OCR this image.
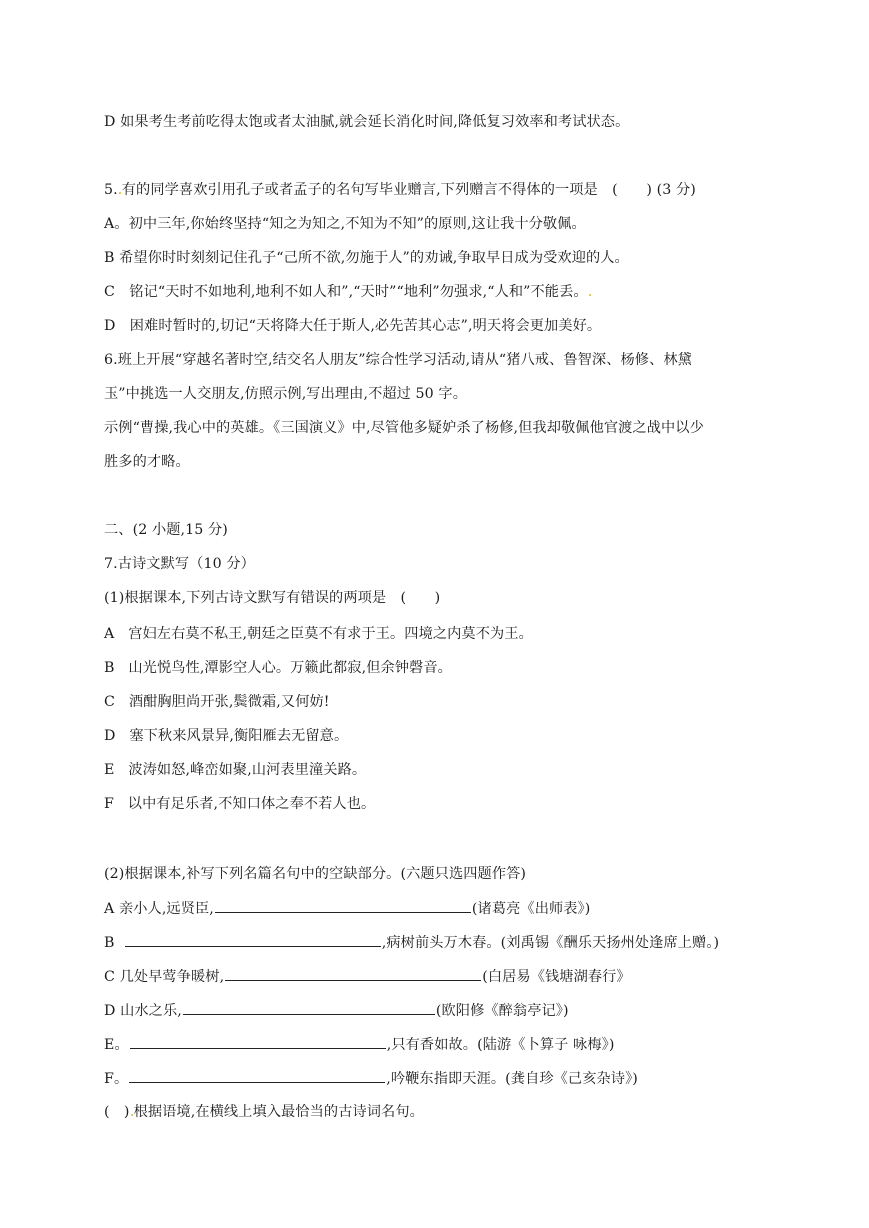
D 如果考生考前吃得太饱或者太油腻,就会延长消化时间,降低复习效率和考试状态。
5. 有的同学喜欢引用孔子或者孟子的名句写毕业赠言,下列赠言不得体的一项是　(　　) (3 分)
A。初中三年,你始终坚持“知之为知之,不知为不知”的原则,这让我十分敬佩。
B 希望你时时刻刻记住孔子“己所不欲,勿施于人”的劝诫,争取早日成为受欢迎的人。
C　铭记“天时不如地利,地利不如人和”,“天时”“地利”勿强求,“人和”不能丢。
D　困难时暂时的,切记“天将降大任于斯人,必先苦其心志”,明天将会更加美好。
6.班上开展“穿越名著时空,结交名人朋友”综合性学习活动,请从“猪八戒、鲁智深、杨修、林黛
玉”中挑选一人交朋友,仿照示例,写出理由,不超过 50 字。
示例“曹操,我心中的英雄。《三国演义》中,尽管他多疑妒杀了杨修,但我却敬佩他官渡之战中以少
胜多的才略。
二、(2 小题,15 分)
7.古诗文默写（10 分）
(1)根据课本,下列古诗文默写有错误的两项是　(　　)
A 宫妇左右莫不私王,朝廷之臣莫不有求于王。四境之内莫不为王。
B 山光悦鸟性,潭影空人心。万籁此都寂,但余钟磬音。
C 酒酣胸胆尚开张,鬓微霜,又何妨!
D 塞下秋来风景异,衡阳雁去无留意。
E 波涛如怒,峰峦如聚,山河表里潼关路。
F 以中有足乐者,不知口体之奉不若人也。
(2)根据课本,补写下列名篇名句中的空缺部分。(六题只选四题作答)
A 亲小人,远贤臣,	(诸葛亮《出师表》)
B	,病树前头万木春。(刘禹锡《酬乐天扬州处逢席上赠。)
C 几处早莺争暖树,	(白居易《钱塘湖春行》
D 山水之乐,	(欧阳修《醉翁亭记》)
E。	,只有香如故。(陆游《卜算子 咏梅》)
F。	,吟鞭东指即天涯。(龚自珍《己亥杂诗》)
(　) 根据语境,在横线上填入最恰当的古诗词名句。
